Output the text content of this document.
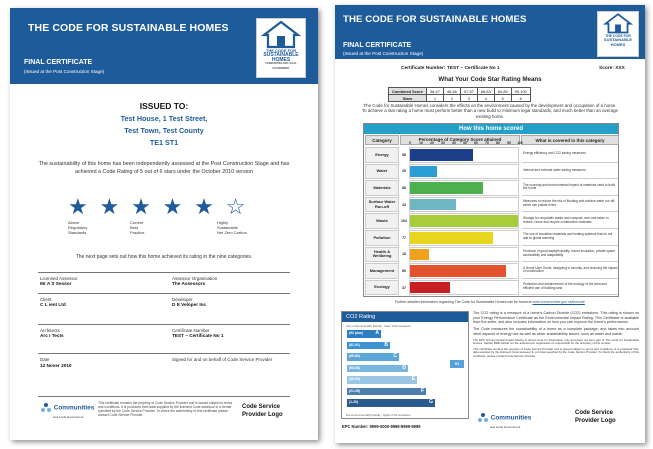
THE CODE FOR SUSTAINABLE HOMES
FINAL CERTIFICATE
(Issued at the Post Construction Stage)
THE CODE FOR
SUSTAINABLE
HOMES
COMMUNITIES AND LOCAL GOVERNMENT
ISSUED TO:
Test House, 1 Test Street,
Test Town, Test County
TE1 ST1
The sustainability of this home has been independently assessed at the Post Construction Stage and has achieved a Code Rating of 5 out of 6 stars under the October 2010 version
★ ★ ★ ★ ★ ☆
Above
Regulatory
Standards
Current
Best
Practice
Highly
Sustainable
Net Zero Carbon
The next page sets out how this home achieved its rating in the nine categories.
Licensed Assessor
Mr A S Sessor
Assessor Organisation
The Assessors
Client
C L ient Ltd
Developer
D E Veloper Inc
Architects
Arc I Tects
Certificate Number
TEST – Certificate No 1
Date
12 Nover 2010
Signed for and on behalf of Code Service Provider
Communities
and Local Government
This certificate remains the property of Code Service Provider and is issued subject to terms and conditions. It is produced from data supplied by the licensed Code assessor in a format specified by the Code Service Provider. To check the authenticity of this certificate please contact Code Service Provider.
Code Service
Provider Logo
THE CODE FOR SUSTAINABLE HOMES
FINAL CERTIFICATE
(Issued at the Post Construction Stage)
THE CODE FOR
SUSTAINABLE
HOMES
Certificate Number: TEST – Certificate No 1	Score: XXX
What Your Code Star Rating Means
Combined Score	36-47	48-56	57-67	68-83	84-89	90-100
Stars	1	2	3	4	5	6
The Code for Sustainable Homes considers the effects on the environment caused by the development and occupation of a home. To achieve a star rating a home must perform better than a new build to minimum legal standards, and much better than an average existing home.
How this home scored
Category	Percentage of Category Score attained	What is covered in this category
0	10	20	30	40	50	60	70	80	90	100
Energy	58	Energy efficiency and CO2 saving measures
Water	25	Internal and external water saving measures
Materials	68
The sourcing and environmental impact of materials used to build the home
Surface Water Run-off	43
Measures to reduce the risk of flooding and surface water run-off, which can pollute rivers
Waste	104
Storage for recyclable waste and compost, and care taken to reduce, reuse and recycle construction materials
Pollution	77
The use of insulation materials and heating systems that do not add to global warming
Health & Wellbeing	18
Provision of good daylight quality, sound insulation, private space, accessibility and adaptability
Management	89
A Home User Guide, designing in security, and reducing the impact of construction
Ecology	37
Protection and enhancement of the ecology of the area and efficient use of building land
Further detailed information regarding The Code for Sustainable Homes can be found at www.communities.gov.uk/thecode
CO2 Rating
Very environmentally friendly - lower CO2 emissions
(92 plus) A
(81-91)	B
(69-80)	C
(55-68)	D
(39-54)	E
(21-38)	F
(1-20)	G
91
Not environmentally friendly - higher CO2 emissions

The CO2 rating is a measure of a home's Carbon Dioxide (CO2) emissions. This rating is shown on your Energy Performance Certificate as the Environmental Impact Rating. This Certificate is available from the seller, and also includes information on how you can improve the home's performance.

The Code measures the sustainability of a home as a complete package, and takes into account other aspects of energy use as well as wider sustainability issues, such as water and waste.

The EPC Environmental Impact Rating is shown here for information only and does not form part of The Code for Sustainable Homes. Neither BRE Global nor the assessment organisation is responsible for the accuracy of this number.

This certificate remains the property of Code Service Provider and is issued subject to terms and conditions. It is produced from data supplied by the licensed Code assessor in a format specified by the Code Service Provider. To check the authenticity of this certificate, please contact Code Service Provider.

Communities
and Local Government
Code Service
Provider Logo
EPC Number: 9999-0000-9999-9999-9999
